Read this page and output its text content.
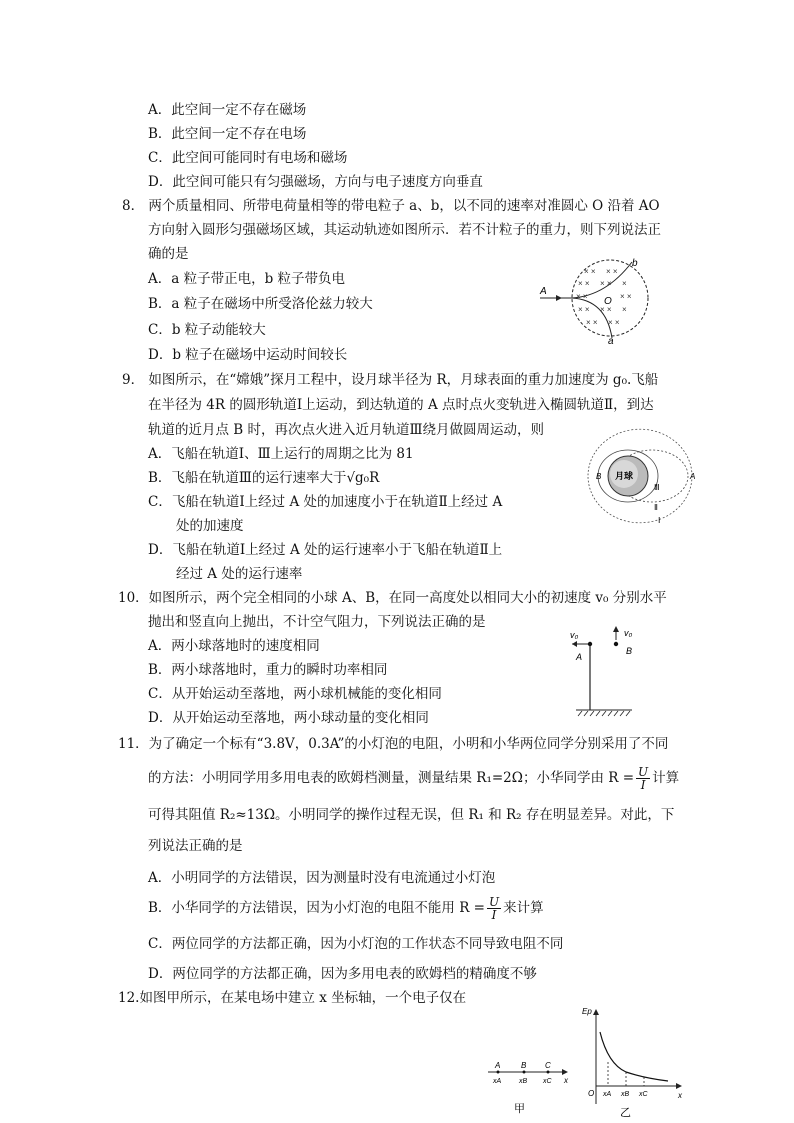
A．此空间一定不存在磁场
B．此空间一定不存在电场
C．此空间可能同时有电场和磁场
D．此空间可能只有匀强磁场，方向与电子速度方向垂直
8． 两个质量相同、所带电荷量相等的带电粒子 a、b，以不同的速率对准圆心 O 沿着 AO
方向射入圆形匀强磁场区域，其运动轨迹如图所示．若不计粒子的重力，则下列说法正
确的是
A．a 粒子带正电，b 粒子带负电
B．a 粒子在磁场中所受洛伦兹力较大
C．b 粒子动能较大
D．b 粒子在磁场中运动时间较长
× × × ×
× × × × ×
× ×	× ×
× × × × ×
× × × ×
A
O
b
a
9． 如图所示，在“嫦娥”探月工程中，设月球半径为 R，月球表面的重力加速度为 g₀.飞船
在半径为 4R 的圆形轨道Ⅰ上运动，到达轨道的 A 点时点火变轨进入椭圆轨道Ⅱ，到达
轨道的近月点 B 时，再次点火进入近月轨道Ⅲ绕月做圆周运动，则
A．飞船在轨道Ⅰ、Ⅲ上运行的周期之比为 81
B．飞船在轨道Ⅲ的运行速率大于√g₀R
C．飞船在轨道Ⅰ上经过 A 处的加速度小于在轨道Ⅱ上经过 A
处的加速度
D．飞船在轨道Ⅰ上经过 A 处的运行速率小于飞船在轨道Ⅱ上
经过 A 处的运行速率
月球
B	A
Ⅲ
Ⅱ
Ⅰ
10．如图所示，两个完全相同的小球 A、B，在同一高度处以相同大小的初速度 v₀ 分别水平
抛出和竖直向上抛出，不计空气阻力，下列说法正确的是
A．两小球落地时的速度相同
B．两小球落地时，重力的瞬时功率相同
C．从开始运动至落地，两小球机械能的变化相同
D．从开始运动至落地，两小球动量的变化相同
v₀
A
v₀
B
11．为了确定一个标有“3.8V，0.3A”的小灯泡的电阻，小明和小华两位同学分别采用了不同
的方法：小明同学用多用电表的欧姆档测量，测量结果 R₁=2Ω；小华同学由 $R = \frac{U}{I}$ 计算
可得其阻值 R₂≈13Ω。小明同学的操作过程无误，但 R₁ 和 R₂ 存在明显差异。对此，下
列说法正确的是
A．小明同学的方法错误，因为测量时没有电流通过小灯泡
B．小华同学的方法错误，因为小灯泡的电阻不能用 $R = \frac{U}{I}$ 来计算
C．两位同学的方法都正确，因为小灯泡的工作状态不同导致电阻不同
D．两位同学的方法都正确，因为多用电表的欧姆档的精确度不够
12.如图甲所示，在某电场中建立 x 坐标轴，一个电子仅在
A	B C
xA	xB xC x
甲
Ep
O	x
xA xB xC
乙
